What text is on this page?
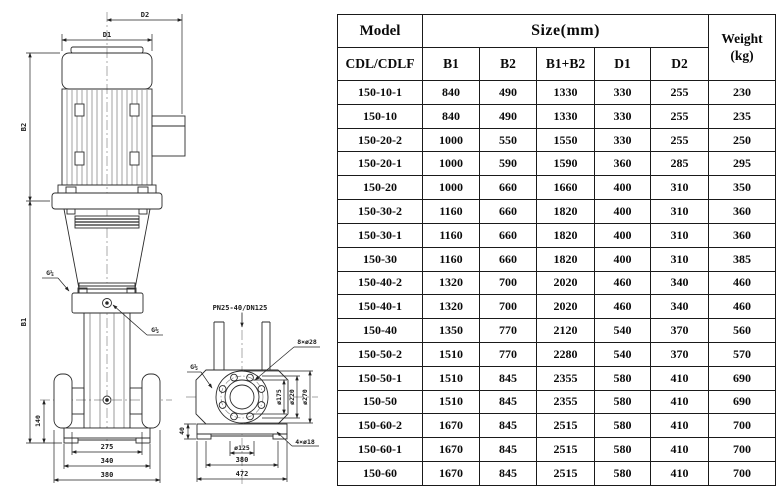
D2
D1
B2
B1
140
275
340
380
G¼
G½
PN25-40/DN125
8×ø28
G½
ø175 ø220 ø270
40
ø125
380
472
4×ø18
Model	Size(mm)					Weight
(kg)

CDL/CDLF	B1	B2	B1+B2	D1	D2	
150-10-1	840	490	1330	330	255	230
150-10	840	490	1330	330	255	235
150-20-2	1000	550	1550	330	255	250
150-20-1	1000	590	1590	360	285	295
150-20	1000	660	1660	400	310	350
150-30-2	1160	660	1820	400	310	360
150-30-1	1160	660	1820	400	310	360
150-30	1160	660	1820	400	310	385
150-40-2	1320	700	2020	460	340	460
150-40-1	1320	700	2020	460	340	460
150-40	1350	770	2120	540	370	560
150-50-2	1510	770	2280	540	370	570
150-50-1	1510	845	2355	580	410	690
150-50	1510	845	2355	580	410	690
150-60-2	1670	845	2515	580	410	700
150-60-1	1670	845	2515	580	410	700
150-60	1670	845	2515	580	410	700
